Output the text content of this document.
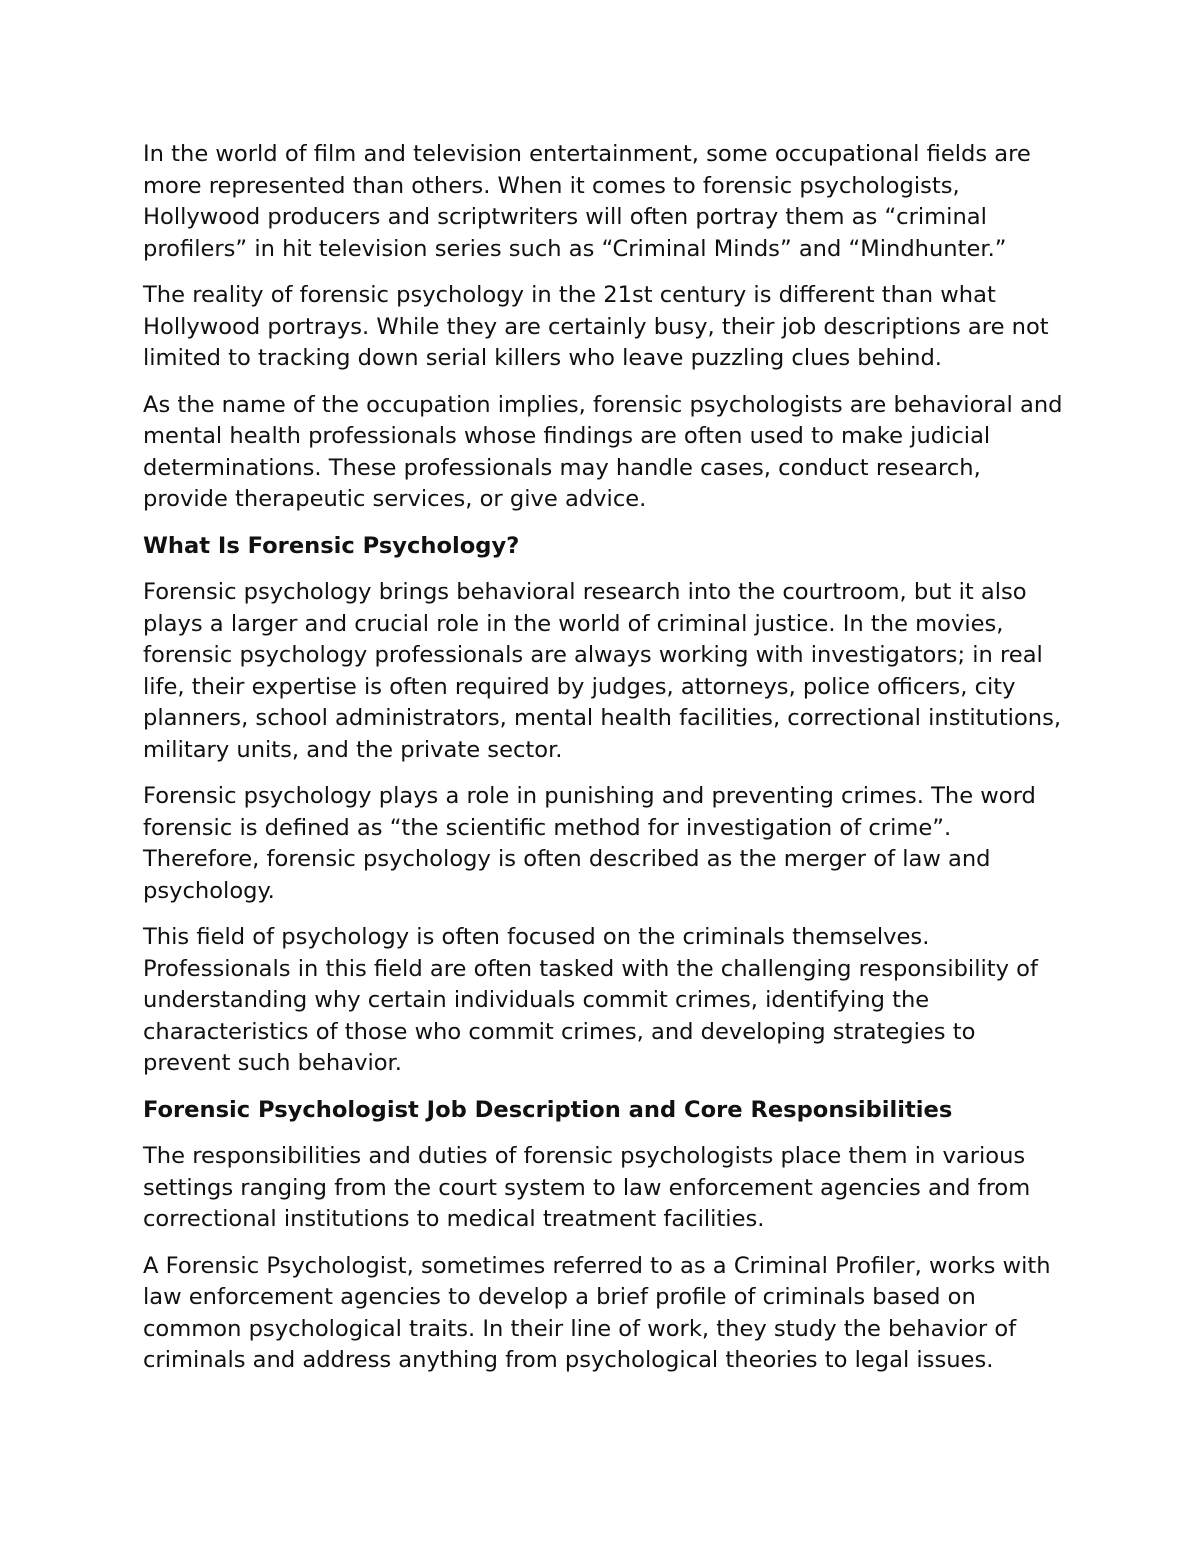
In the world of film and television entertainment, some occupational fields are more represented than others. When it comes to forensic psychologists, Hollywood producers and scriptwriters will often portray them as “criminal profilers” in hit television series such as “Criminal Minds” and “Mindhunter.”

The reality of forensic psychology in the 21st century is different than what Hollywood portrays. While they are certainly busy, their job descriptions are not limited to tracking down serial killers who leave puzzling clues behind.

As the name of the occupation implies, forensic psychologists are behavioral and mental health professionals whose findings are often used to make judicial determinations. These professionals may handle cases, conduct research, provide therapeutic services, or give advice.

What Is Forensic Psychology?

Forensic psychology brings behavioral research into the courtroom, but it also plays a larger and crucial role in the world of criminal justice. In the movies, forensic psychology professionals are always working with investigators; in real life, their expertise is often required by judges, attorneys, police officers, city planners, school administrators, mental health facilities, correctional institutions, military units, and the private sector.

Forensic psychology plays a role in punishing and preventing crimes. The word forensic is defined as “the scientific method for investigation of crime”. Therefore, forensic psychology is often described as the merger of law and psychology.

This field of psychology is often focused on the criminals themselves. Professionals in this field are often tasked with the challenging responsibility of understanding why certain individuals commit crimes, identifying the characteristics of those who commit crimes, and developing strategies to prevent such behavior.

Forensic Psychologist Job Description and Core Responsibilities

The responsibilities and duties of forensic psychologists place them in various settings ranging from the court system to law enforcement agencies and from correctional institutions to medical treatment facilities.

A Forensic Psychologist, sometimes referred to as a Criminal Profiler, works with law enforcement agencies to develop a brief profile of criminals based on common psychological traits. In their line of work, they study the behavior of criminals and address anything from psychological theories to legal issues.
